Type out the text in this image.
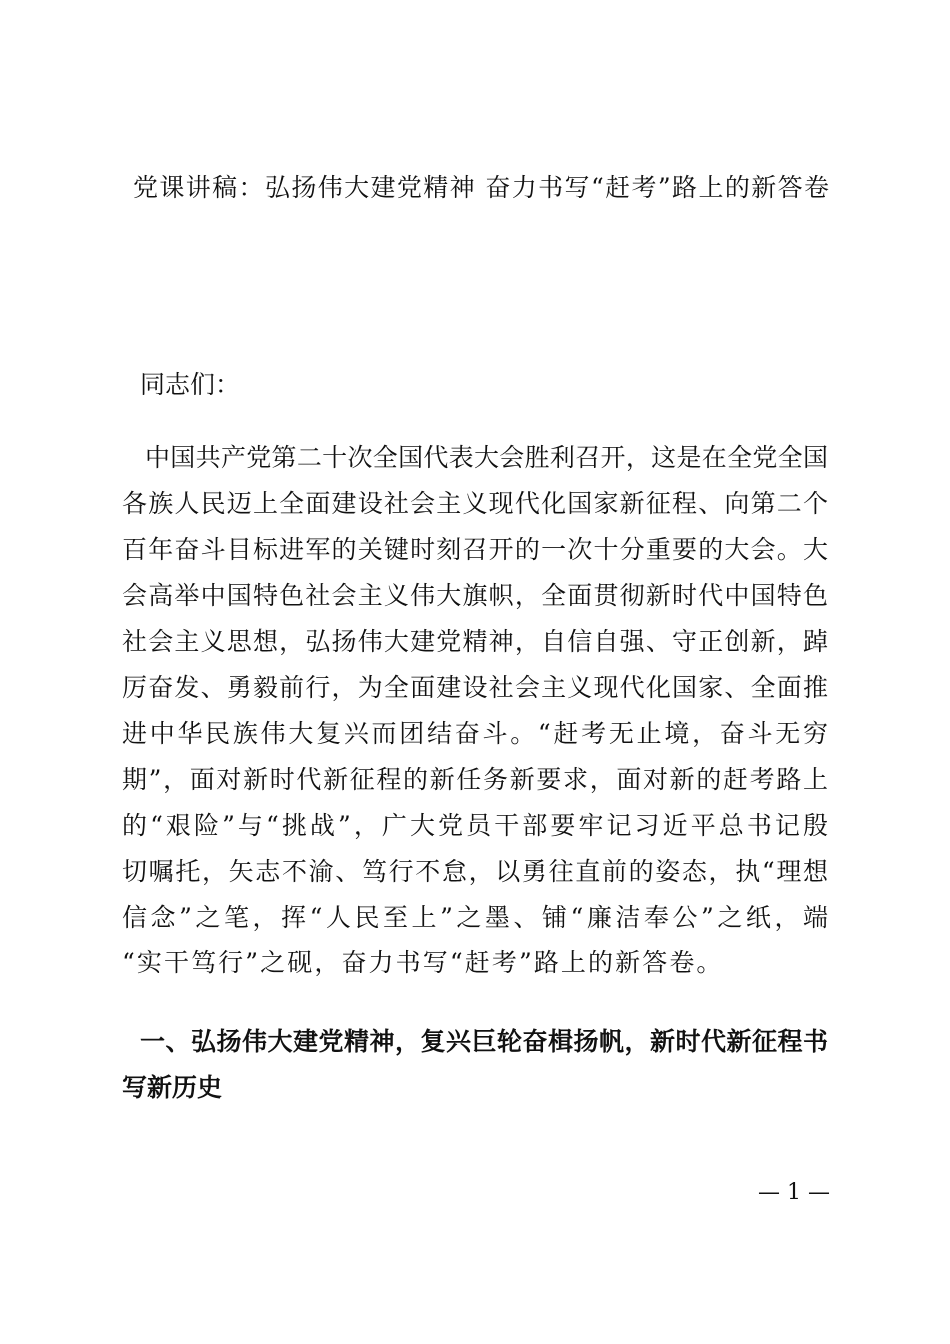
党课讲稿：弘扬伟大建党精神 奋力书写“赶考”路上的新答卷
同志们：
中国共产党第二十次全国代表大会胜利召开，这是在全党全国
各族人民迈上全面建设社会主义现代化国家新征程、向第二个
百年奋斗目标进军的关键时刻召开的一次十分重要的大会。大
会高举中国特色社会主义伟大旗帜，全面贯彻新时代中国特色
社会主义思想，弘扬伟大建党精神，自信自强、守正创新，踔
厉奋发、勇毅前行，为全面建设社会主义现代化国家、全面推
进中华民族伟大复兴而团结奋斗。“赶考无止境，奋斗无穷
期”，面对新时代新征程的新任务新要求，面对新的赶考路上
的“艰险”与“挑战”，广大党员干部要牢记习近平总书记殷
切嘱托，矢志不渝、笃行不怠，以勇往直前的姿态，执“理想
信念”之笔，挥“人民至上”之墨、铺“廉洁奉公”之纸，端
“实干笃行”之砚，奋力书写“赶考”路上的新答卷。
一、弘扬伟大建党精神，复兴巨轮奋楫扬帆，新时代新征程书
写新历史
— 1 —
